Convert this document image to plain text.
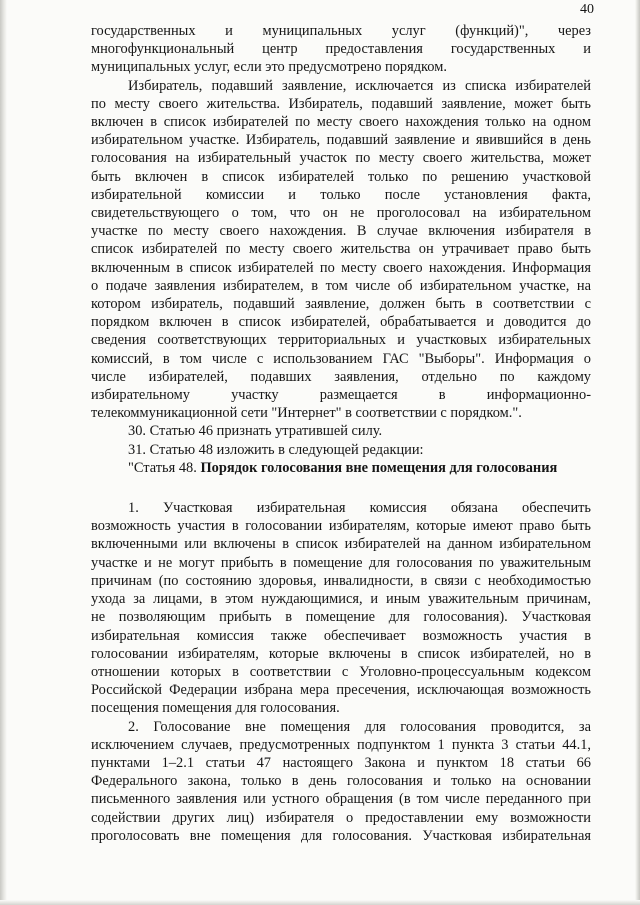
40
государственных и муниципальных услуг (функций)", через
многофункциональный центр предоставления государственных и
муниципальных услуг, если это предусмотрено порядком.
Избиратель, подавший заявление, исключается из списка избирателей
по месту своего жительства. Избиратель, подавший заявление, может быть
включен в список избирателей по месту своего нахождения только на одном
избирательном участке. Избиратель, подавший заявление и явившийся в день
голосования на избирательный участок по месту своего жительства, может
быть включен в список избирателей только по решению участковой
избирательной комиссии и только после установления факта,
свидетельствующего о том, что он не проголосовал на избирательном
участке по месту своего нахождения. В случае включения избирателя в
список избирателей по месту своего жительства он утрачивает право быть
включенным в список избирателей по месту своего нахождения. Информация
о подаче заявления избирателем, в том числе об избирательном участке, на
котором избиратель, подавший заявление, должен быть в соответствии с
порядком включен в список избирателей, обрабатывается и доводится до
сведения соответствующих территориальных и участковых избирательных
комиссий, в том числе с использованием ГАС "Выборы". Информация о
числе избирателей, подавших заявления, отдельно по каждому
избирательному участку размещается в информационно-
телекоммуникационной сети "Интернет" в соответствии с порядком.".
30. Статью 46 признать утратившей силу.
31. Статью 48 изложить в следующей редакции:
"Статья 48. Порядок голосования вне помещения для голосования
1. Участковая избирательная комиссия обязана обеспечить
возможность участия в голосовании избирателям, которые имеют право быть
включенными или включены в список избирателей на данном избирательном
участке и не могут прибыть в помещение для голосования по уважительным
причинам (по состоянию здоровья, инвалидности, в связи с необходимостью
ухода за лицами, в этом нуждающимися, и иным уважительным причинам,
не позволяющим прибыть в помещение для голосования). Участковая
избирательная комиссия также обеспечивает возможность участия в
голосовании избирателям, которые включены в список избирателей, но в
отношении которых в соответствии с Уголовно-процессуальным кодексом
Российской Федерации избрана мера пресечения, исключающая возможность
посещения помещения для голосования.
2. Голосование вне помещения для голосования проводится, за
исключением случаев, предусмотренных подпунктом 1 пункта 3 статьи 44.1,
пунктами 1–2.1 статьи 47 настоящего Закона и пунктом 18 статьи 66
Федерального закона, только в день голосования и только на основании
письменного заявления или устного обращения (в том числе переданного при
содействии других лиц) избирателя о предоставлении ему возможности
проголосовать вне помещения для голосования. Участковая избирательная
